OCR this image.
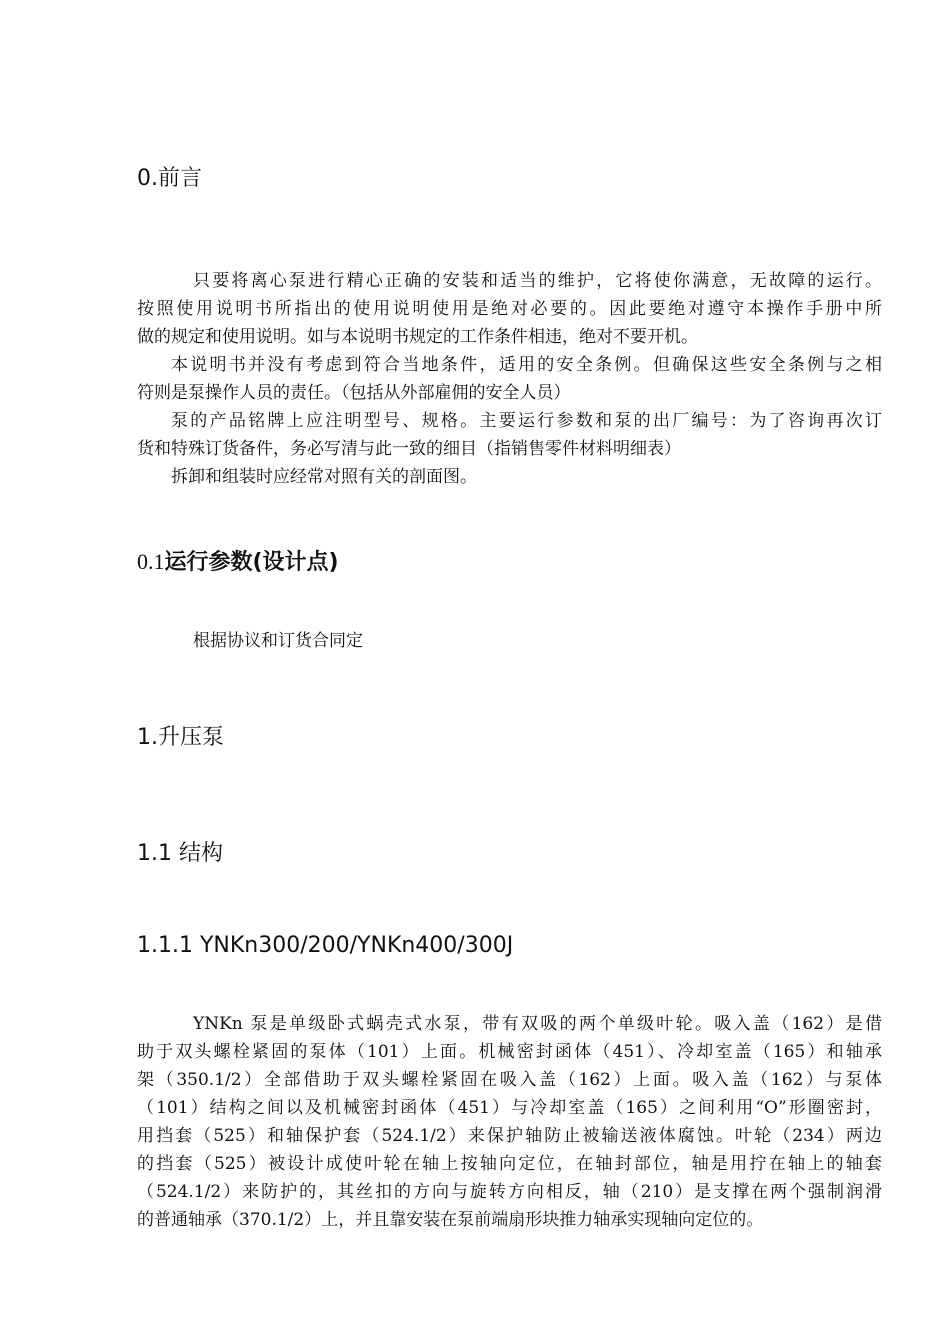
0.前言
只要将离心泵进行精心正确的安装和适当的维护，它将使你满意，无故障的运行。
按照使用说明书所指出的使用说明使用是绝对必要的。因此要绝对遵守本操作手册中所
做的规定和使用说明。如与本说明书规定的工作条件相违，绝对不要开机。
本说明书并没有考虑到符合当地条件，适用的安全条例。但确保这些安全条例与之相
符则是泵操作人员的责任。（包括从外部雇佣的安全人员）
泵的产品铭牌上应注明型号、规格。主要运行参数和泵的出厂编号：为了咨询再次订
货和特殊订货备件，务必写清与此一致的细目（指销售零件材料明细表）
拆卸和组装时应经常对照有关的剖面图。
0.1运行参数(设计点)
根据协议和订货合同定
1.升压泵
1.1 结构
1.1.1 YNKn300/200/YNKn400/300J
YNKn 泵是单级卧式蜗壳式水泵，带有双吸的两个单级叶轮。吸入盖（162）是借
助于双头螺栓紧固的泵体（101）上面。机械密封函体（451）、冷却室盖（165）和轴承
架（350.1/2）全部借助于双头螺栓紧固在吸入盖（162）上面。吸入盖（162）与泵体
（101）结构之间以及机械密封函体（451）与冷却室盖（165）之间利用“O”形圈密封，
用挡套（525）和轴保护套（524.1/2）来保护轴防止被输送液体腐蚀。叶轮（234）两边
的挡套（525）被设计成使叶轮在轴上按轴向定位，在轴封部位，轴是用拧在轴上的轴套
（524.1/2）来防护的，其丝扣的方向与旋转方向相反，轴（210）是支撑在两个强制润滑
的普通轴承（370.1/2）上，并且靠安装在泵前端扇形块推力轴承实现轴向定位的。
